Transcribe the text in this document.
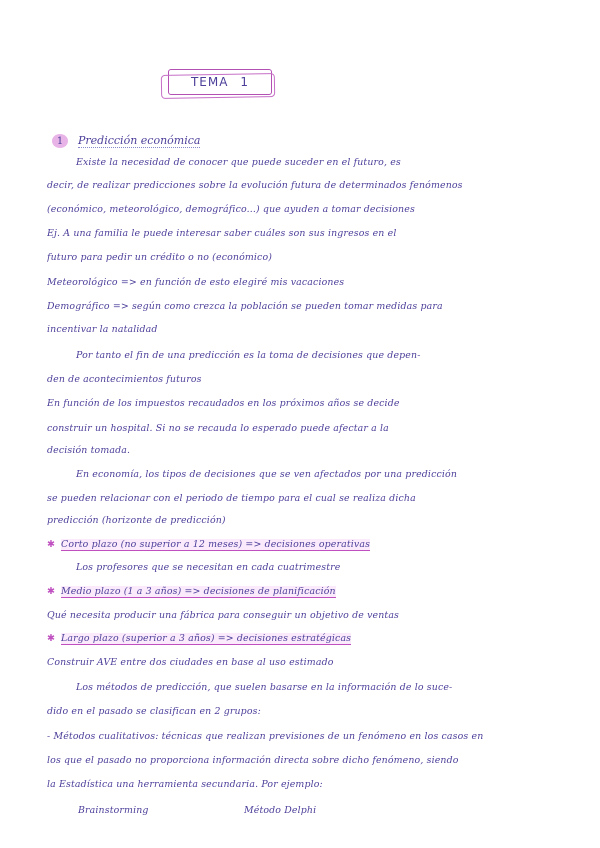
TEMA 1
1	Predicción económica
Existe la necesidad de conocer que puede suceder en el futuro, es
decir, de realizar predicciones sobre la evolución futura de determinados fenómenos
(económico, meteorológico, demográfico...) que ayuden a tomar decisiones
Ej. A una familia le puede interesar saber cuáles son sus ingresos en el
futuro para pedir un crédito o no (económico)
Meteorológico => en función de esto elegiré mis vacaciones
Demográfico => según como crezca la población se pueden tomar medidas para
incentivar la natalidad
Por tanto el fin de una predicción es la toma de decisiones que depen-
den de acontecimientos futuros
En función de los impuestos recaudados en los próximos años se decide
construir un hospital. Si no se recauda lo esperado puede afectar a la
decisión tomada.
En economía, los tipos de decisiones que se ven afectados por una predicción
se pueden relacionar con el periodo de tiempo para el cual se realiza dicha
predicción (horizonte de predicción)
✱ Corto plazo (no superior a 12 meses) => decisiones operativas
Los profesores que se necesitan en cada cuatrimestre
✱ Medio plazo (1 a 3 años) => decisiones de planificación
Qué necesita producir una fábrica para conseguir un objetivo de ventas
✱ Largo plazo (superior a 3 años) => decisiones estratégicas
Construir AVE entre dos ciudades en base al uso estimado
Los métodos de predicción, que suelen basarse en la información de lo suce-
dido en el pasado se clasifican en 2 grupos:
- Métodos cualitativos: técnicas que realizan previsiones de un fenómeno en los casos en
los que el pasado no proporciona información directa sobre dicho fenómeno, siendo
la Estadística una herramienta secundaria. Por ejemplo:
Brainstorming	Método Delphi
